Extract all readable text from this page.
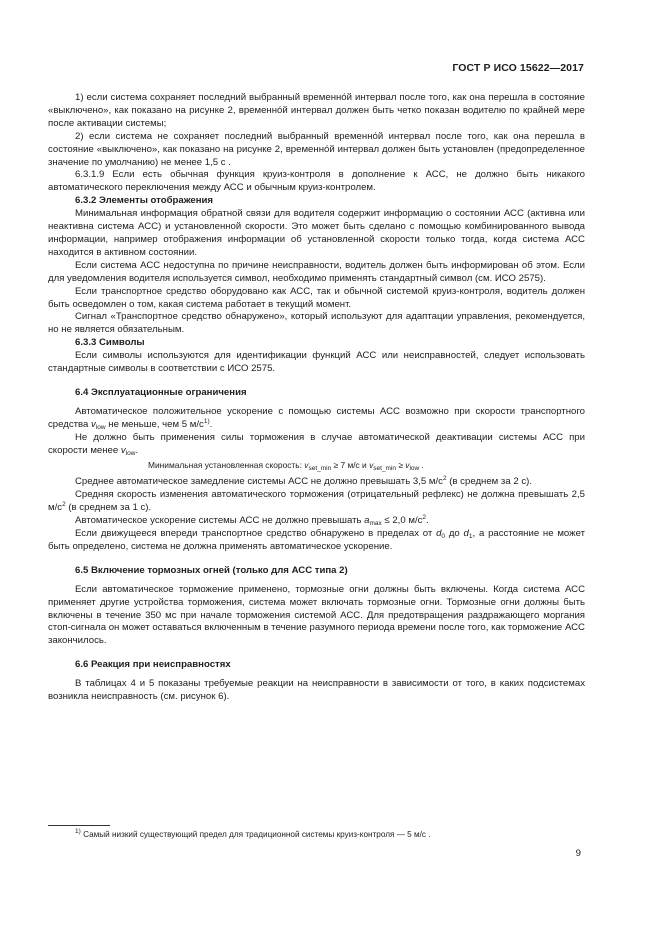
ГОСТ Р ИСО 15622—2017

1) если система сохраняет последний выбранный временно́й интервал после того, как она перешла в состояние «выключено», как показано на рисунке 2, временно́й интервал должен быть четко показан водителю по крайней мере после активации системы;

2) если система не сохраняет последний выбранный временно́й интервал после того, как она перешла в состояние «выключено», как показано на рисунке 2, временно́й интервал должен быть установлен (предопределенное значение по умолчанию) не менее 1,5 с .

6.3.1.9 Если есть обычная функция круиз-контроля в дополнение к АСС, не должно быть никакого автоматического переключения между АСС и обычным круиз-контролем.

6.3.2 Элементы отображения

Минимальная информация обратной связи для водителя содержит информацию о состоянии АСС (активна или неактивна система АСС) и установленной скорости. Это может быть сделано с помощью комбинированного вывода информации, например отображения информации об установленной скорости только тогда, когда система АСС находится в активном состоянии.

Если система АСС недоступна по причине неисправности, водитель должен быть информирован об этом. Если для уведомления водителя используется символ, необходимо применять стандартный символ (см. ИСО 2575).

Если транспортное средство оборудовано как АСС, так и обычной системой круиз-контроля, водитель должен быть осведомлен о том, какая система работает в текущий момент.

Сигнал «Транспортное средство обнаружено», который используют для адаптации управления, рекомендуется, но не является обязательным.

6.3.3 Символы

Если символы используются для идентификации функций АСС или неисправностей, следует использовать стандартные символы в соответствии с ИСО 2575.

6.4 Эксплуатационные ограничения

Автоматическое положительное ускорение с помощью системы АСС возможно при скорости транспортного средства $v_{low}$ не меньше, чем 5 $м/с^{1)}$.

Не должно быть применения силы торможения в случае автоматической деактивации системы АСС при скорости менее $v_{low}$.

Минимальная установленная скорость: $v_{set\_min} \ge 7$ м/с и $v_{set\_min} \ge v_{low}$ .

Среднее автоматическое замедление системы АСС не должно превышать 3,5 $м/с^2$ (в среднем за 2 с).

Средняя скорость изменения автоматического торможения (отрицательный рефлекс) не должна превышать 2,5 $м/с^2$ (в среднем за 1 с).

Автоматическое ускорение системы АСС не должно превышать $a_{max} \le 2,0$ $м/с^2$.

Если движущееся впереди транспортное средство обнаружено в пределах от $d_0$ до $d_1$, а расстояние не может быть определено, система не должна применять автоматическое ускорение.

6.5 Включение тормозных огней (только для АСС типа 2)

Если автоматическое торможение применено, тормозные огни должны быть включены. Когда система АСС применяет другие устройства торможения, система может включать тормозные огни. Тормозные огни должны быть включены в течение 350 мс при начале торможения системой АСС. Для предотвращения раздражающего моргания стоп-сигнала он может оставаться включенным в течение разумного периода времени после того, как торможение АСС закончилось.

6.6 Реакция при неисправностях

В таблицах 4 и 5 показаны требуемые реакции на неисправности в зависимости от того, в каких подсистемах возникла неисправность (см. рисунок 6).

$^{1)}$ Самый низкий существующий предел для традиционной системы круиз-контроля — 5 м/с .
9
